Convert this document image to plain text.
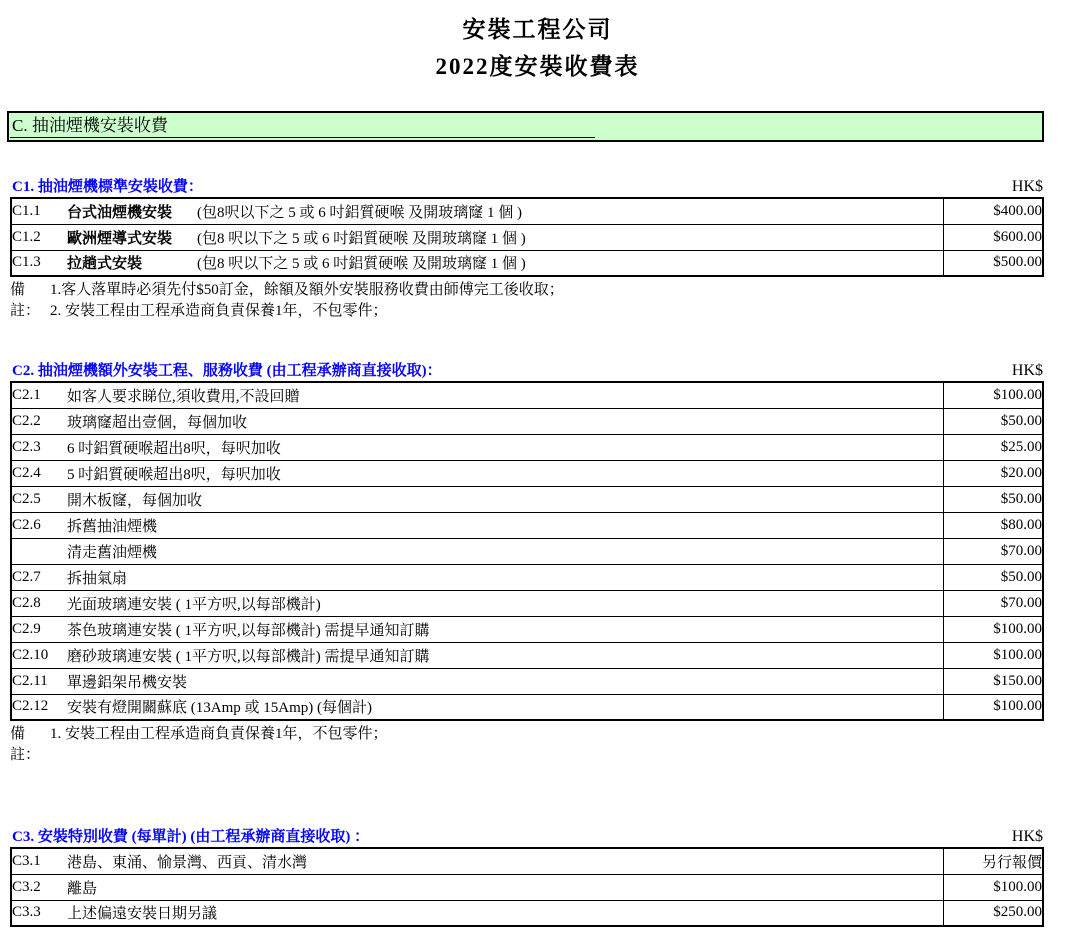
安裝工程公司
2022度安裝收費表
C. 抽油煙機安裝收費
C1. 抽油煙機標準安裝收費：	HK$
C1.1	台式油煙機安裝 (包8呎以下之 5 或 6 吋鋁質硬喉 及開玻璃窿 1 個 )	$400.00
C1.2	歐洲煙導式安裝 (包8 呎以下之 5 或 6 吋鋁質硬喉 及開玻璃窿 1 個 )	$600.00
C1.3	拉趟式安裝 (包8 呎以下之 5 或 6 吋鋁質硬喉 及開玻璃窿 1 個 )	$500.00
備註：
1.客人落單時必須先付$50訂金，餘額及額外安裝服務收費由師傅完工後收取；
2. 安裝工程由工程承造商負責保養1年，不包零件；
C2. 抽油煙機額外安裝工程、服務收費 (由工程承辦商直接收取)：	HK$
C2.1	如客人要求睇位,須收費用,不設回贈	$100.00
C2.2	玻璃窿超出壹個，每個加收	$50.00
C2.3	6 吋鋁質硬喉超出8呎，每呎加收	$25.00
C2.4	5 吋鋁質硬喉超出8呎，每呎加收	$20.00
C2.5	開木板窿，每個加收	$50.00
C2.6	拆舊抽油煙機	$80.00
	清走舊油煙機	$70.00
C2.7	拆抽氣扇	$50.00
C2.8	光面玻璃連安裝 ( 1平方呎,以每部機計)	$70.00
C2.9	茶色玻璃連安裝 ( 1平方呎,以每部機計) 需提早通知訂購	$100.00
C2.10	磨砂玻璃連安裝 ( 1平方呎,以每部機計) 需提早通知訂購	$100.00
C2.11	單邊鋁架吊機安裝	$150.00
C2.12	安裝有燈開關蘇底 (13Amp 或 15Amp) (每個計)	$100.00
備註：
1. 安裝工程由工程承造商負責保養1年，不包零件；
C3. 安裝特別收費 (每單計) (由工程承辦商直接收取) ：	HK$
C3.1	港島、東涌、愉景灣、西貢、清水灣	另行報價
C3.2	離島	$100.00
C3.3	上述偏遠安裝日期另議	$250.00
